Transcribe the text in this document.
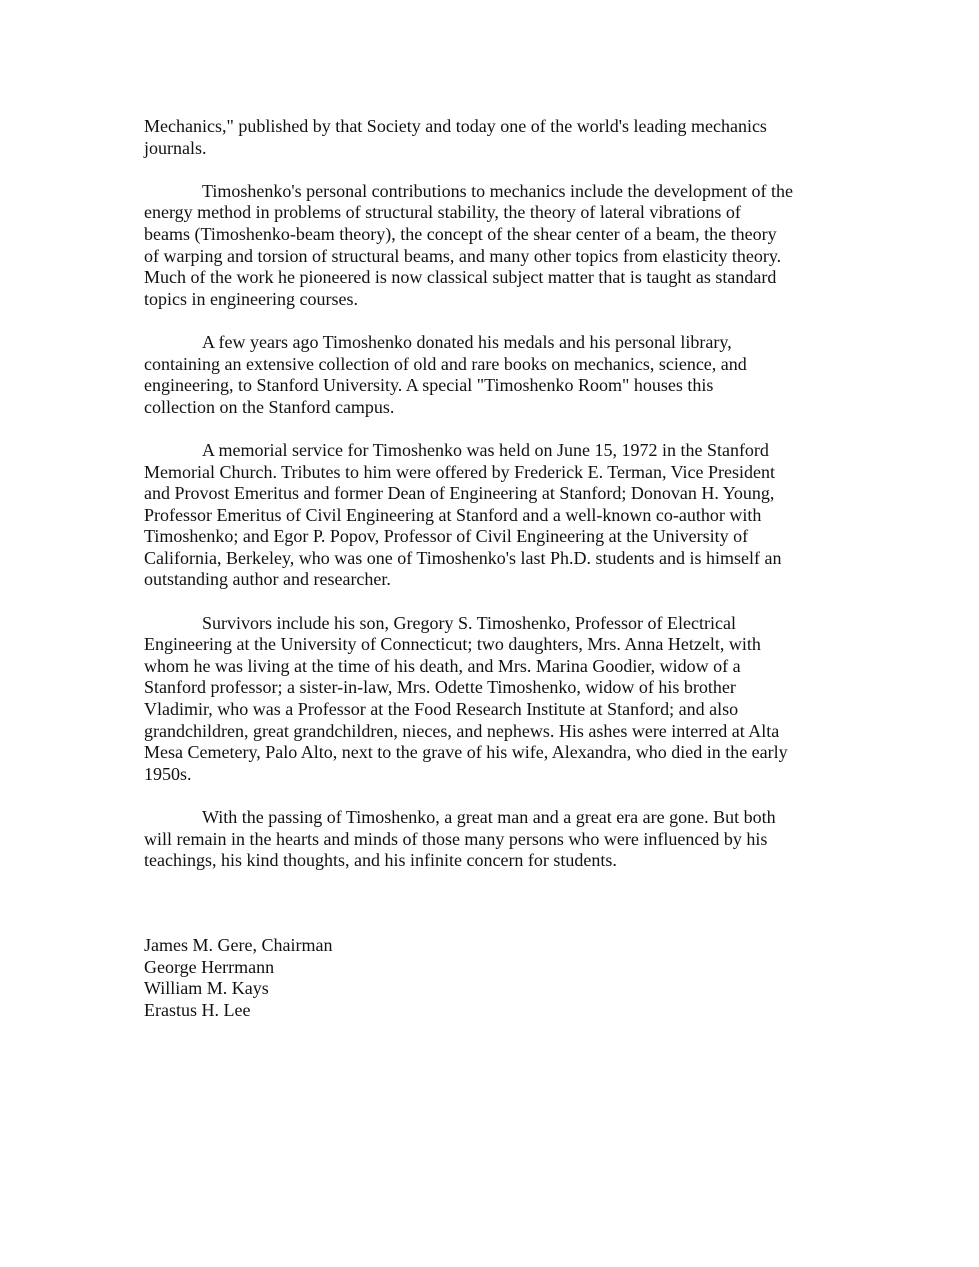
Mechanics," published by that Society and today one of the world's leading mechanics
journals.

Timoshenko's personal contributions to mechanics include the development of the
energy method in problems of structural stability, the theory of lateral vibrations of
beams (Timoshenko-beam theory), the concept of the shear center of a beam, the theory
of warping and torsion of structural beams, and many other topics from elasticity theory.
Much of the work he pioneered is now classical subject matter that is taught as standard
topics in engineering courses.

A few years ago Timoshenko donated his medals and his personal library,
containing an extensive collection of old and rare books on mechanics, science, and
engineering, to Stanford University. A special "Timoshenko Room" houses this
collection on the Stanford campus.

A memorial service for Timoshenko was held on June 15, 1972 in the Stanford
Memorial Church. Tributes to him were offered by Frederick E. Terman, Vice President
and Provost Emeritus and former Dean of Engineering at Stanford; Donovan H. Young,
Professor Emeritus of Civil Engineering at Stanford and a well-known co-author with
Timoshenko; and Egor P. Popov, Professor of Civil Engineering at the University of
California, Berkeley, who was one of Timoshenko's last Ph.D. students and is himself an
outstanding author and researcher.

Survivors include his son, Gregory S. Timoshenko, Professor of Electrical
Engineering at the University of Connecticut; two daughters, Mrs. Anna Hetzelt, with
whom he was living at the time of his death, and Mrs. Marina Goodier, widow of a
Stanford professor; a sister-in-law, Mrs. Odette Timoshenko, widow of his brother
Vladimir, who was a Professor at the Food Research Institute at Stanford; and also
grandchildren, great grandchildren, nieces, and nephews. His ashes were interred at Alta
Mesa Cemetery, Palo Alto, next to the grave of his wife, Alexandra, who died in the early
1950s.

With the passing of Timoshenko, a great man and a great era are gone. But both
will remain in the hearts and minds of those many persons who were influenced by his
teachings, his kind thoughts, and his infinite concern for students.

James M. Gere, Chairman
George Herrmann
William M. Kays
Erastus H. Lee
